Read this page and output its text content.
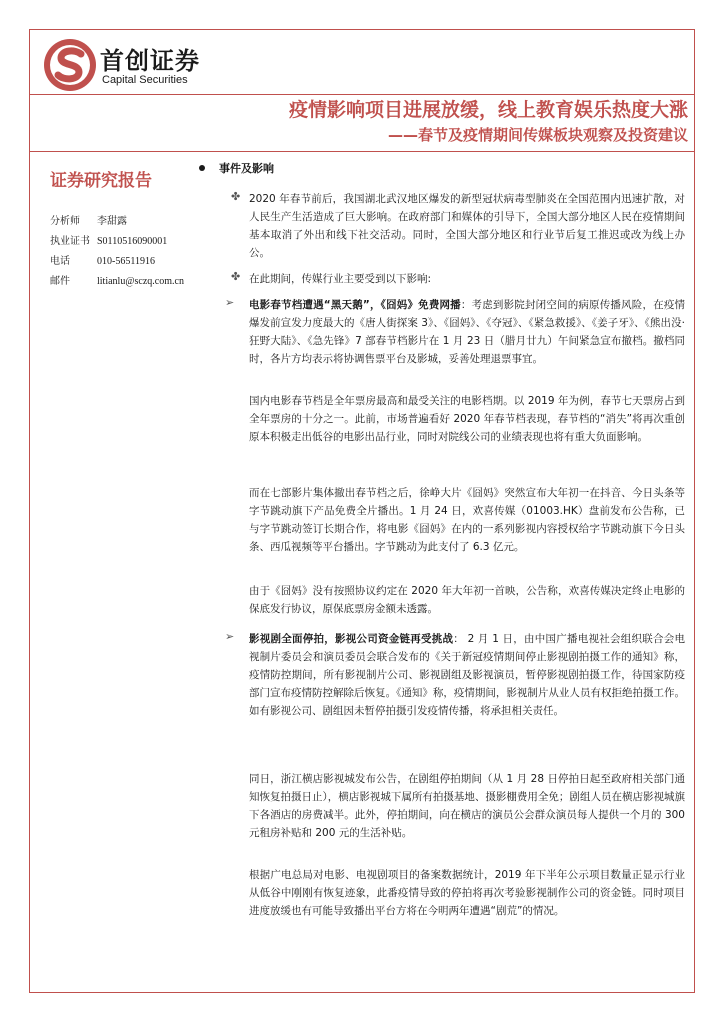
首创证券
Capital Securities
疫情影响项目进展放缓，线上教育娱乐热度大涨
——春节及疫情期间传媒板块观察及投资建议
证券研究报告
分析师	李甜露
执业证书 S0110516090001
电话	010-56511916
邮件	litianlu@sczq.com.cn
事件及影响
✤ 2020 年春节前后，我国湖北武汉地区爆发的新型冠状病毒型肺炎在全国范围内迅速扩散，对人民生产生活造成了巨大影响。在政府部门和媒体的引导下，全国大部分地区人民在疫情期间基本取消了外出和线下社交活动。同时，全国大部分地区和行业节后复工推迟或改为线上办公。
✤ 在此期间，传媒行业主要受到以下影响:
➢ 电影春节档遭遇“黑天鹅”，《囧妈》免费网播：考虑到影院封闭空间的病原传播风险，在疫情爆发前宣发力度最大的《唐人街探案 3》、《囧妈》、《夺冠》、《紧急救援》、《姜子牙》、《熊出没·狂野大陆》、《急先锋》7 部春节档影片在 1 月 23 日（腊月廿九）午间紧急宣布撤档。撤档同时，各片方均表示将协调售票平台及影城，妥善处理退票事宜。
国内电影春节档是全年票房最高和最受关注的电影档期。以 2019 年为例，春节七天票房占到全年票房的十分之一。此前，市场普遍看好 2020 年春节档表现，春节档的“消失”将再次重创原本积极走出低谷的电影出品行业，同时对院线公司的业绩表现也将有重大负面影响。
而在七部影片集体撤出春节档之后，徐峥大片《囧妈》突然宣布大年初一在抖音、今日头条等字节跳动旗下产品免费全片播出。1 月 24 日，欢喜传媒（01003.HK）盘前发布公告称，已与字节跳动签订长期合作，将电影《囧妈》在内的一系列影视内容授权给字节跳动旗下今日头条、西瓜视频等平台播出。字节跳动为此支付了 6.3 亿元。
由于《囧妈》没有按照协议约定在 2020 年大年初一首映，公告称，欢喜传媒决定终止电影的保底发行协议，原保底票房金额未透露。
➢ 影视剧全面停拍，影视公司资金链再受挑战： 2 月 1 日，由中国广播电视社会组织联合会电视制片委员会和演员委员会联合发布的《关于新冠疫情期间停止影视剧拍摄工作的通知》称，疫情防控期间，所有影视制片公司、影视剧组及影视演员，暂停影视剧拍摄工作，待国家防疫部门宣布疫情防控解除后恢复。《通知》称，疫情期间，影视制片从业人员有权拒绝拍摄工作。如有影视公司、剧组因未暂停拍摄引发疫情传播，将承担相关责任。
同日，浙江横店影视城发布公告，在剧组停拍期间（从 1 月 28 日停拍日起至政府相关部门通知恢复拍摄日止），横店影视城下属所有拍摄基地、摄影棚费用全免；剧组人员在横店影视城旗下各酒店的房费减半。此外，停拍期间，向在横店的演员公会群众演员每人提供一个月的 300 元租房补贴和 200 元的生活补贴。
根据广电总局对电影、电视剧项目的备案数据统计，2019 年下半年公示项目数量正显示行业从低谷中刚刚有恢复迹象，此番疫情导致的停拍将再次考验影视制作公司的资金链。同时项目进度放缓也有可能导致播出平台方将在今明两年遭遇“剧荒”的情况。
